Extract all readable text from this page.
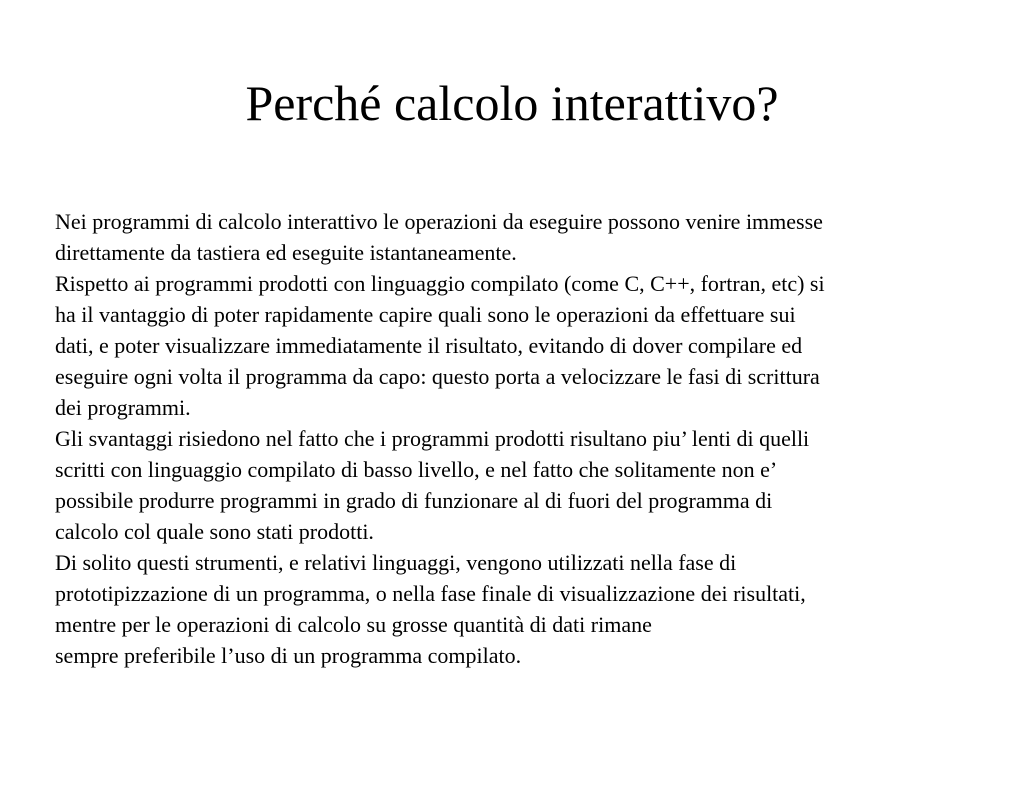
Perché calcolo interattivo?
Nei programmi di calcolo interattivo le operazioni da eseguire possono venire immesse
direttamente da tastiera ed eseguite istantaneamente.
Rispetto ai programmi prodotti con linguaggio compilato (come C, C++, fortran, etc) si
ha il vantaggio di poter rapidamente capire quali sono le operazioni da effettuare sui
dati, e poter visualizzare immediatamente il risultato, evitando di dover compilare ed
eseguire ogni volta il programma da capo: questo porta a velocizzare le fasi di scrittura
dei programmi.
Gli svantaggi risiedono nel fatto che i programmi prodotti risultano piu’ lenti di quelli
scritti con linguaggio compilato di basso livello, e nel fatto che solitamente non e’
possibile produrre programmi in grado di funzionare al di fuori del programma di
calcolo col quale sono stati prodotti.
Di solito questi strumenti, e relativi linguaggi, vengono utilizzati nella fase di
prototipizzazione di un programma, o nella fase finale di visualizzazione dei risultati,
mentre per le operazioni di calcolo su grosse quantità di dati rimane
sempre preferibile l’uso di un programma compilato.
